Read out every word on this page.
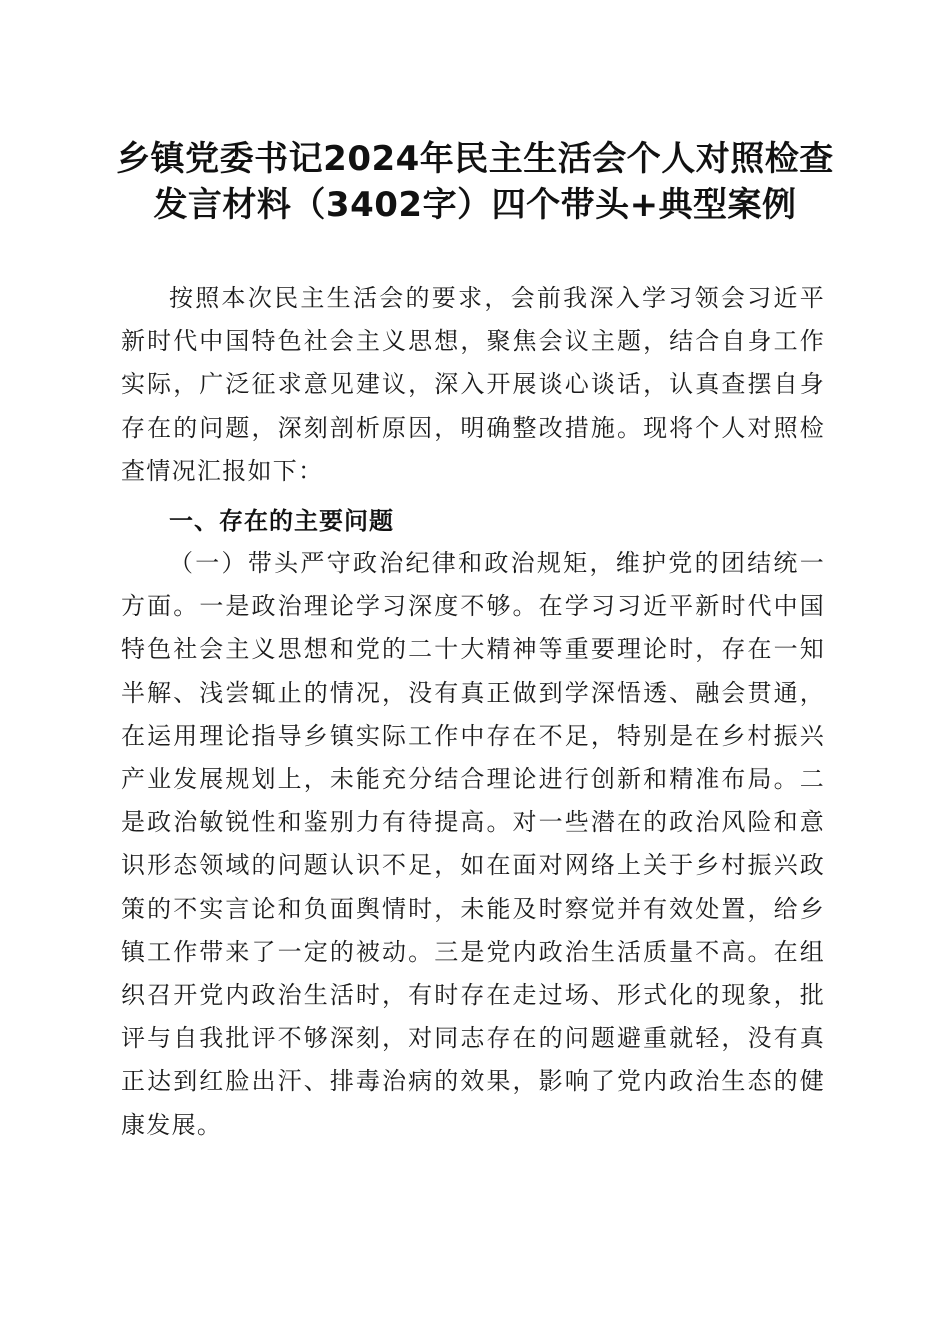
乡镇党委书记2024年民主生活会个人对照检查发言材料（3402字）四个带头+典型案例

按照本次民主生活会的要求，会前我深入学习领会习近平新时代中国特色社会主义思想，聚焦会议主题，结合自身工作实际，广泛征求意见建议，深入开展谈心谈话，认真查摆自身存在的问题，深刻剖析原因，明确整改措施。现将个人对照检查情况汇报如下：

一、存在的主要问题

（一）带头严守政治纪律和政治规矩，维护党的团结统一方面。一是政治理论学习深度不够。在学习习近平新时代中国特色社会主义思想和党的二十大精神等重要理论时，存在一知半解、浅尝辄止的情况，没有真正做到学深悟透、融会贯通，在运用理论指导乡镇实际工作中存在不足，特别是在乡村振兴产业发展规划上，未能充分结合理论进行创新和精准布局。二是政治敏锐性和鉴别力有待提高。对一些潜在的政治风险和意识形态领域的问题认识不足，如在面对网络上关于乡村振兴政策的不实言论和负面舆情时，未能及时察觉并有效处置，给乡镇工作带来了一定的被动。三是党内政治生活质量不高。在组织召开党内政治生活时，有时存在走过场、形式化的现象，批评与自我批评不够深刻，对同志存在的问题避重就轻，没有真正达到红脸出汗、排毒治病的效果，影响了党内政治生态的健康发展。
